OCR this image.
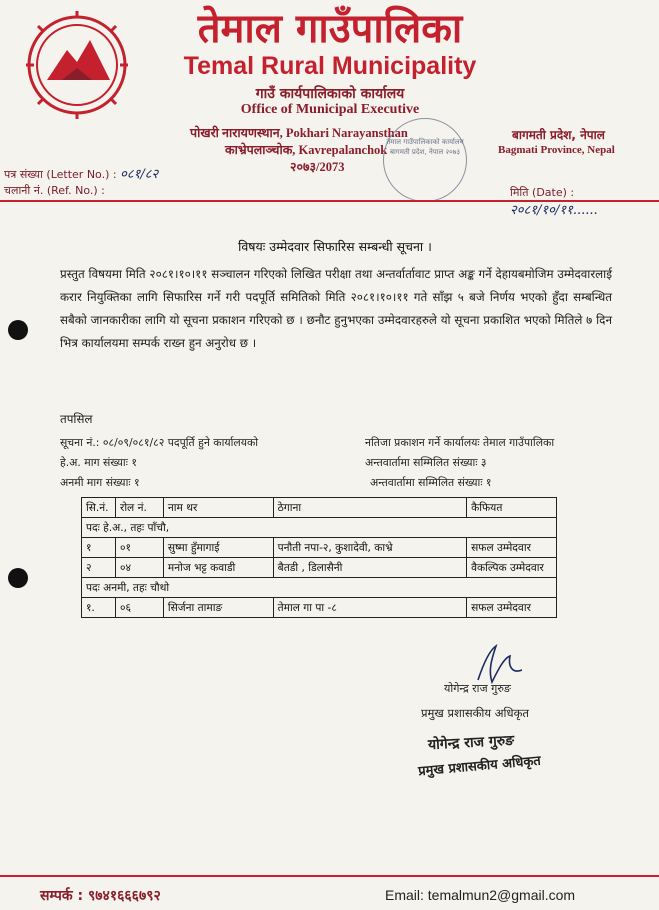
तेमाल गाउँपालिका
Temal Rural Municipality
गाउँ कार्यपालिकाको कार्यालय
Office of Municipal Executive
पोखरी नारायणस्थान, Pokhari Narayansthan
काभ्रेपलाञ्चोक, Kavrepalanchok
२०७३/2073
बागमती प्रदेश, नेपाल
Bagmati Province, Nepal
तेमाल गाउँपालिकाको कार्यालय बागमती प्रदेश, नेपाल २०७३
पत्र संख्या (Letter No.) : ०८१/८२
चलानी नं. (Ref. No.) :	मिति (Date) : २०८१/१०/११......
विषयः उम्मेदवार सिफारिस सम्बन्धी सूचना ।
प्रस्तुत विषयमा मिति २०८१।१०।११ सञ्चालन गरिएको लिखित परीक्षा तथा अन्तर्वार्तावाट प्राप्त अङ्क गर्ने देहायबमोजिम उम्मेदवारलाई करार नियुक्तिका लागि सिफारिस गर्ने गरी पदपूर्ति समितिको मिति २०८१।१०।११ गते साँझ ५ बजे निर्णय भएको हुँदा सम्बन्धित सबैको जानकारीका लागि यो सूचना प्रकाशन गरिएको छ । छनौट हुनुभएका उम्मेदवारहरुले यो सूचना प्रकाशित भएको मितिले ७ दिन भित्र कार्यालयमा सम्पर्क राख्न हुन अनुरोध छ ।
तपसिल
सूचना नं.: ०८/०९/०८१/८२ पदपूर्ति हुने कार्यालयको	नतिजा प्रकाशन गर्ने कार्यालयः तेमाल गाउँपालिका
हे.अ. माग संख्याः १	अन्तवार्तामा सम्मिलित संख्याः ३
अनमी माग संख्याः १	अन्तवार्तामा सम्मिलित संख्याः १
सि.नं.	रोल नं.	नाम थर	ठेगाना	कैफियत
पदः हे.अ., तहः पाँचौ,				
१	०१	सुष्मा हुँमागाई	पनौती नपा-२, कुशादेवी, काभ्रे	सफल उम्मेदवार
२	०४	मनोज भट्ट कवाडी	बैतडी , डिलासैनी	वैकल्पिक उम्मेदवार
पदः अनमी, तहः चौथो				
१.	०६	सिर्जना तामाङ	तेमाल गा पा -८	सफल उम्मेदवार
योगेन्द्र राज गुरुङ
प्रमुख प्रशासकीय अधिकृत
योगेन्द्र राज गुरुङ
प्रमुख प्रशासकीय अधिकृत
सम्पर्क : ९७४१६६६७९२	Email: temalmun2@gmail.com
